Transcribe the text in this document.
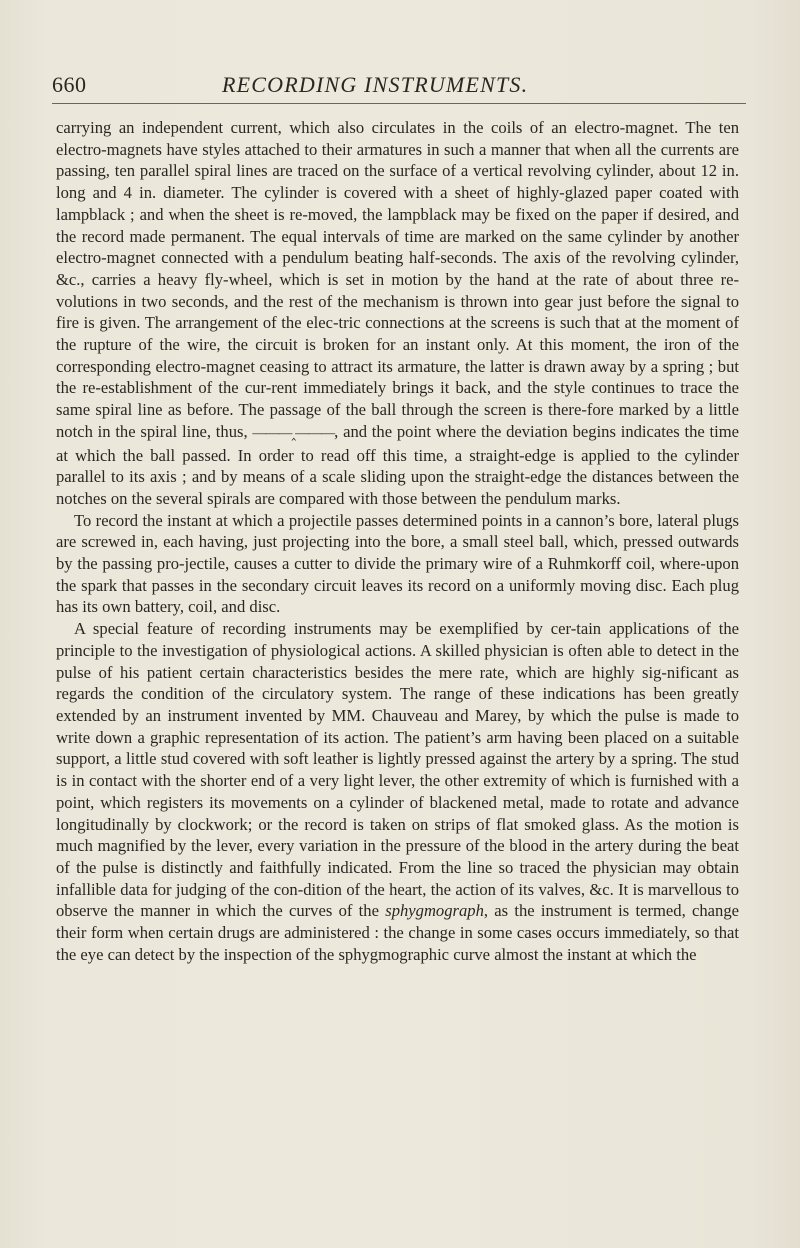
660	RECORDING INSTRUMENTS.

carrying an independent current, which also circulates in the coils of an electro-magnet. The ten electro-magnets have styles attached to their armatures in such a manner that when all the currents are passing, ten parallel spiral lines are traced on the surface of a vertical revolving cylinder, about 12 in. long and 4 in. diameter. The cylinder is covered with a sheet of highly-glazed paper coated with lampblack ; and when the sheet is re-moved, the lampblack may be fixed on the paper if desired, and the record made permanent. The equal intervals of time are marked on the same cylinder by another electro-magnet connected with a pendulum beating half-seconds. The axis of the revolving cylinder, &c., carries a heavy fly-wheel, which is set in motion by the hand at the rate of about three re-volutions in two seconds, and the rest of the mechanism is thrown into gear just before the signal to fire is given. The arrangement of the elec-tric connections at the screens is such that at the moment of the rupture of the wire, the circuit is broken for an instant only. At this moment, the iron of the corresponding electro-magnet ceasing to attract its armature, the latter is drawn away by a spring ; but the re-establishment of the cur-rent immediately brings it back, and the style continues to trace the same spiral line as before. The passage of the ball through the screen is there-fore marked by a little notch in the spiral line, thus, ———‸———, and the point where the deviation begins indicates the time at which the ball passed. In order to read off this time, a straight-edge is applied to the cylinder parallel to its axis ; and by means of a scale sliding upon the straight-edge the distances between the notches on the several spirals are compared with those between the pendulum marks.

To record the instant at which a projectile passes determined points in a cannon’s bore, lateral plugs are screwed in, each having, just projecting into the bore, a small steel ball, which, pressed outwards by the passing pro-jectile, causes a cutter to divide the primary wire of a Ruhmkorff coil, where-upon the spark that passes in the secondary circuit leaves its record on a uniformly moving disc. Each plug has its own battery, coil, and disc.

A special feature of recording instruments may be exemplified by cer-tain applications of the principle to the investigation of physiological actions. A skilled physician is often able to detect in the pulse of his patient certain characteristics besides the mere rate, which are highly sig-nificant as regards the condition of the circulatory system. The range of these indications has been greatly extended by an instrument invented by MM. Chauveau and Marey, by which the pulse is made to write down a graphic representation of its action. The patient’s arm having been placed on a suitable support, a little stud covered with soft leather is lightly pressed against the artery by a spring. The stud is in contact with the shorter end of a very light lever, the other extremity of which is furnished with a point, which registers its movements on a cylinder of blackened metal, made to rotate and advance longitudinally by clockwork; or the record is taken on strips of flat smoked glass. As the motion is much magnified by the lever, every variation in the pressure of the blood in the artery during the beat of the pulse is distinctly and faithfully indicated. From the line so traced the physician may obtain infallible data for judging of the con-dition of the heart, the action of its valves, &c. It is marvellous to observe the manner in which the curves of the sphygmograph, as the instrument is termed, change their form when certain drugs are administered : the change in some cases occurs immediately, so that the eye can detect by the inspection of the sphygmographic curve almost the instant at which the
